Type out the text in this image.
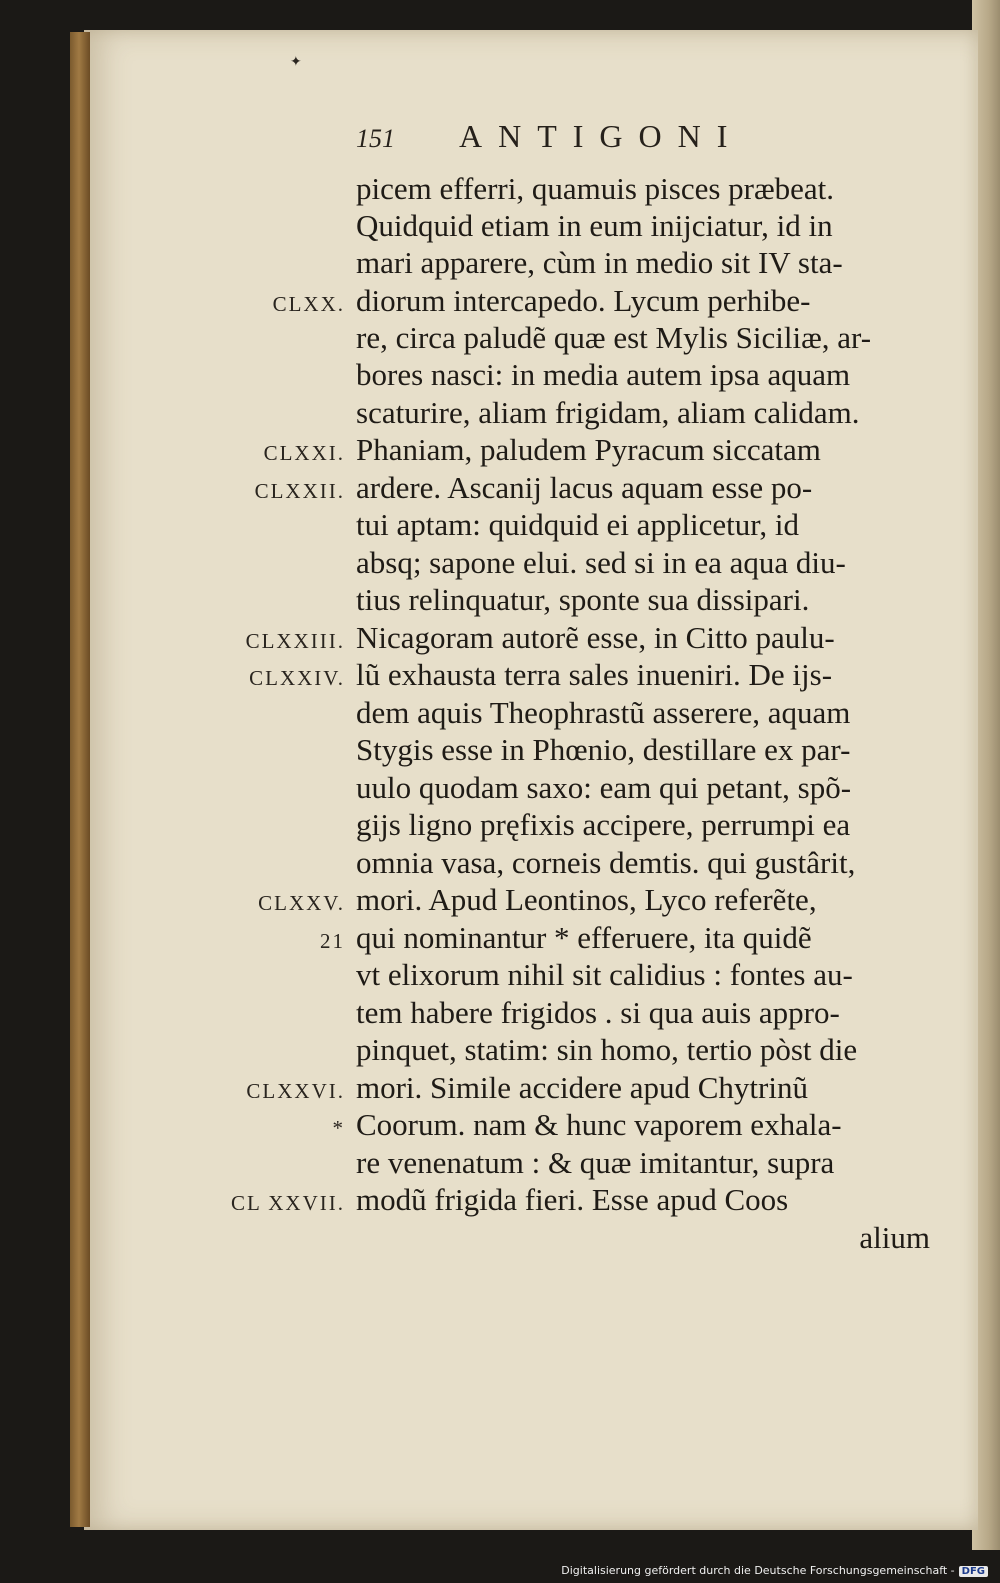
✦
151 ANTIGONI
picem efferri, quamuis pisces præbeat.
Quidquid etiam in eum inijciatur, id in
mari apparere, cùm in medio sit IV sta-
diorum intercapedo. Lycum perhibe-
re, circa paludẽ quæ est Mylis Siciliæ, ar-
bores nasci: in media autem ipsa aquam
scaturire, aliam frigidam, aliam calidam.
Phaniam, paludem Pyracum siccatam
ardere. Ascanij lacus aquam esse po-
tui aptam: quidquid ei applicetur, id
absq; sapone elui. sed si in ea aqua diu-
tius relinquatur, sponte sua dissipari.
Nicagoram autorẽ esse, in Citto paulu-
lũ exhausta terra sales inueniri. De ijs-
dem aquis Theophrastũ asserere, aquam
Stygis esse in Phœnio, destillare ex par-
uulo quodam saxo: eam qui petant, spõ-
gijs ligno pręfixis accipere, perrumpi ea
omnia vasa, corneis demtis. qui gustârit,
mori. Apud Leontinos, Lyco referẽte,
qui nominantur * efferuere, ita quidẽ
vt elixorum nihil sit calidius : fontes au-
tem habere frigidos . si qua auis appro-
pinquet, statim: sin homo, tertio pòst die
mori. Simile accidere apud Chytrinũ
Coorum. nam & hunc vaporem exhala-
re venenatum : & quæ imitantur, supra
modũ frigida fieri. Esse apud Coos
alium
CLXX.
CLXXI.
CLXXII.
CLXXIII.
CLXXIV.
CLXXV.
21
CLXXVI.
*
CL XXVII.
Digitalisierung gefördert durch die Deutsche Forschungsgemeinschaft - DFG
